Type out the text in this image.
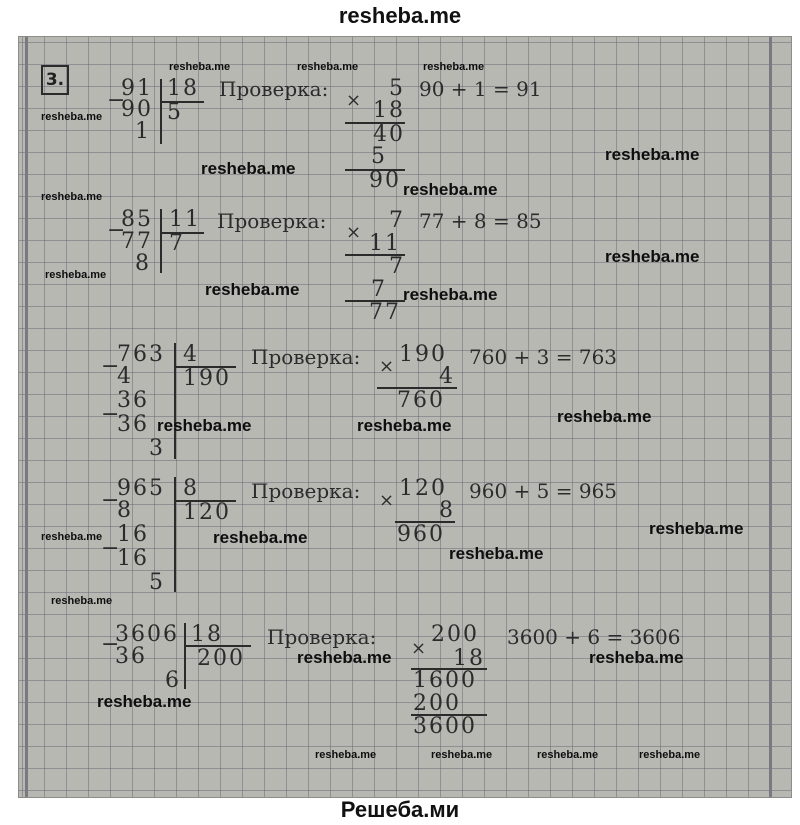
resheba.me
3.
−
91
90
1
18
5
Проверка: × 5
18
40
5
90
90 + 1 = 91
−
85
77
8
11
7
Проверка: × 7
11
7
7
77
77 + 8 = 85
−
763
4
36
−
36
3
4
190
Проверка: × 190
4
760
760 + 3 = 763
−
965
8
16
−
16
5
8
120
Проверка: × 120
8
960
960 + 5 = 965
−
3606
36
6
18
200
Проверка: ×
200
18
1600
200
3600
3600 + 6 = 3606
resheba.me	resheba.me	resheba.me
resheba.me
resheba.me
resheba.me
resheba.me
resheba.me
resheba.me
resheba.me
resheba.me	resheba.me
resheba.me
resheba.me	resheba.me
resheba.me
resheba.me	resheba.me
resheba.me
resheba.me
resheba.me	resheba.me
resheba.me
resheba.me	resheba.me	resheba.me	resheba.me
Решеба.ми
